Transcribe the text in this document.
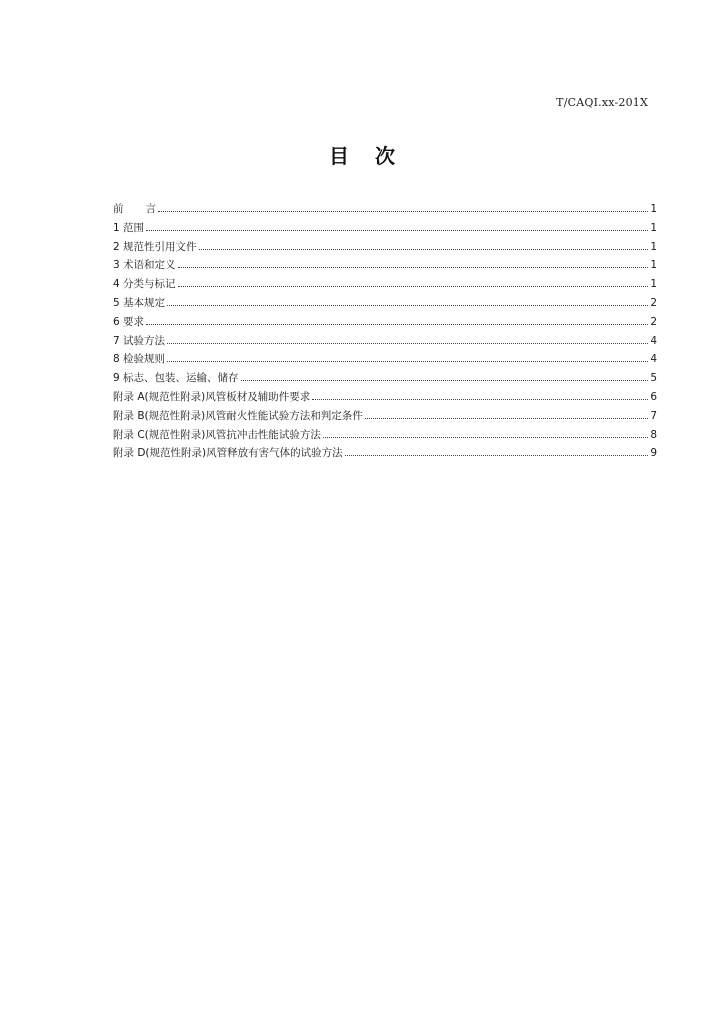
T/CAQI.xx-201X
目 次
前 言	1
1 范围	1
2 规范性引用文件	1
3 术语和定义	1
4 分类与标记	1
5 基本规定	2
6 要求	2
7 试验方法	4
8 检验规则	4
9 标志、包装、运输、储存	5
附录 A(规范性附录)风管板材及辅助件要求	6
附录 B(规范性附录)风管耐火性能试验方法和判定条件	7
附录 C(规范性附录)风管抗冲击性能试验方法	8
附录 D(规范性附录)风管释放有害气体的试验方法	9
